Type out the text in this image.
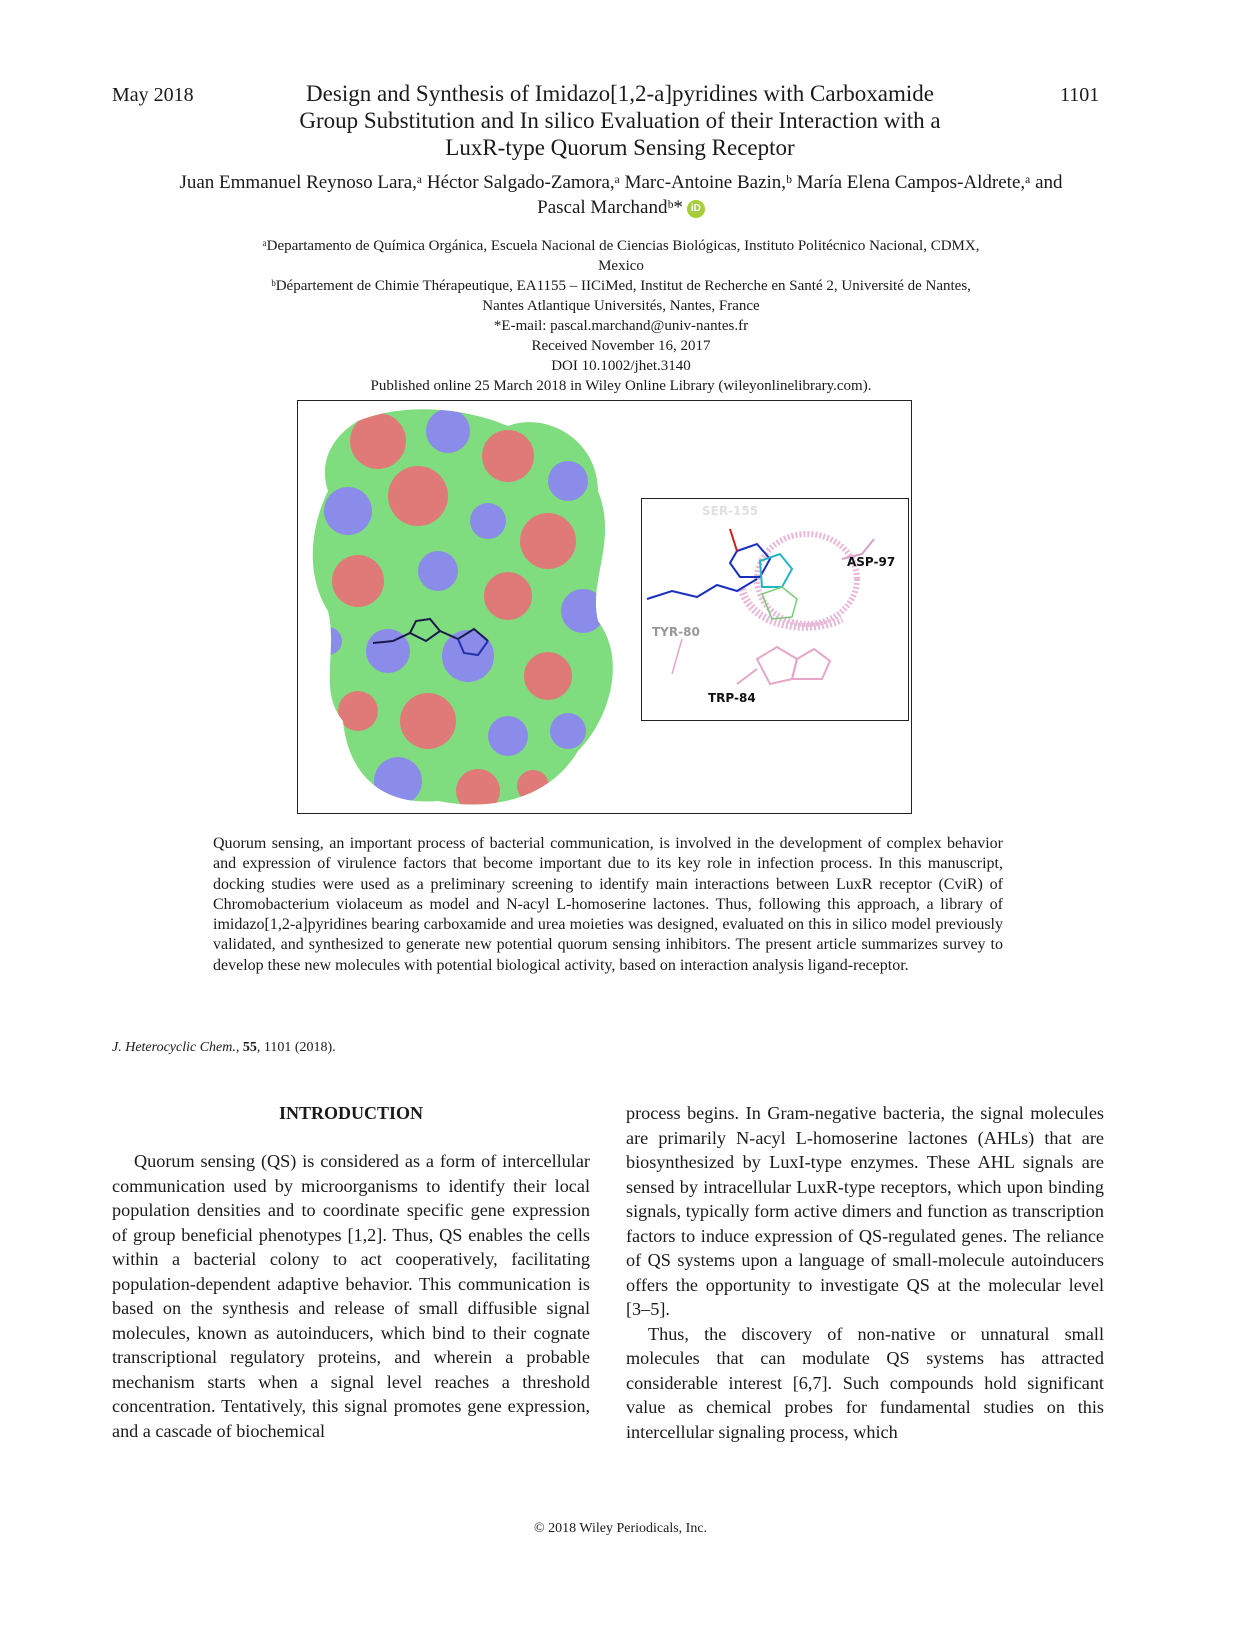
May 2018	1101
Design and Synthesis of Imidazo[1,2-a]pyridines with Carboxamide
Group Substitution and In silico Evaluation of their Interaction with a
LuxR-type Quorum Sensing Receptor
Juan Emmanuel Reynoso Lara,ᵃ Héctor Salgado-Zamora,ᵃ Marc-Antoine Bazin,ᵇ María Elena Campos-Aldrete,ᵃ and
Pascal Marchandᵇ* iD
ᵃDepartamento de Química Orgánica, Escuela Nacional de Ciencias Biológicas, Instituto Politécnico Nacional, CDMX,
Mexico
ᵇDépartement de Chimie Thérapeutique, EA1155 – IICiMed, Institut de Recherche en Santé 2, Université de Nantes,
Nantes Atlantique Universités, Nantes, France
*E-mail: pascal.marchand@univ-nantes.fr
Received November 16, 2017
DOI 10.1002/jhet.3140
Published online 25 March 2018 in Wiley Online Library (wileyonlinelibrary.com).
SER-155
ASP-97
TYR-80
TRP-84
Quorum sensing, an important process of bacterial communication, is involved in the development of complex behavior and expression of virulence factors that become important due to its key role in infection process. In this manuscript, docking studies were used as a preliminary screening to identify main interactions between LuxR receptor (CviR) of Chromobacterium violaceum as model and N-acyl L-homoserine lactones. Thus, following this approach, a library of imidazo[1,2-a]pyridines bearing carboxamide and urea moieties was designed, evaluated on this in silico model previously validated, and synthesized to generate new potential quorum sensing inhibitors. The present article summarizes survey to develop these new molecules with potential biological activity, based on interaction analysis ligand-receptor.
J. Heterocyclic Chem., 55, 1101 (2018).
INTRODUCTION

Quorum sensing (QS) is considered as a form of intercellular communication used by microorganisms to identify their local population densities and to coordinate specific gene expression of group beneficial phenotypes [1,2]. Thus, QS enables the cells within a bacterial colony to act cooperatively, facilitating population-dependent adaptive behavior. This communication is based on the synthesis and release of small diffusible signal molecules, known as autoinducers, which bind to their cognate transcriptional regulatory proteins, and wherein a probable mechanism starts when a signal level reaches a threshold concentration. Tentatively, this signal promotes gene expression, and a cascade of biochemical

process begins. In Gram-negative bacteria, the signal molecules are primarily N-acyl L-homoserine lactones (AHLs) that are biosynthesized by LuxI-type enzymes. These AHL signals are sensed by intracellular LuxR-type receptors, which upon binding signals, typically form active dimers and function as transcription factors to induce expression of QS-regulated genes. The reliance of QS systems upon a language of small-molecule autoinducers offers the opportunity to investigate QS at the molecular level [3–5].

Thus, the discovery of non-native or unnatural small molecules that can modulate QS systems has attracted considerable interest [6,7]. Such compounds hold significant value as chemical probes for fundamental studies on this intercellular signaling process, which

© 2018 Wiley Periodicals, Inc.
